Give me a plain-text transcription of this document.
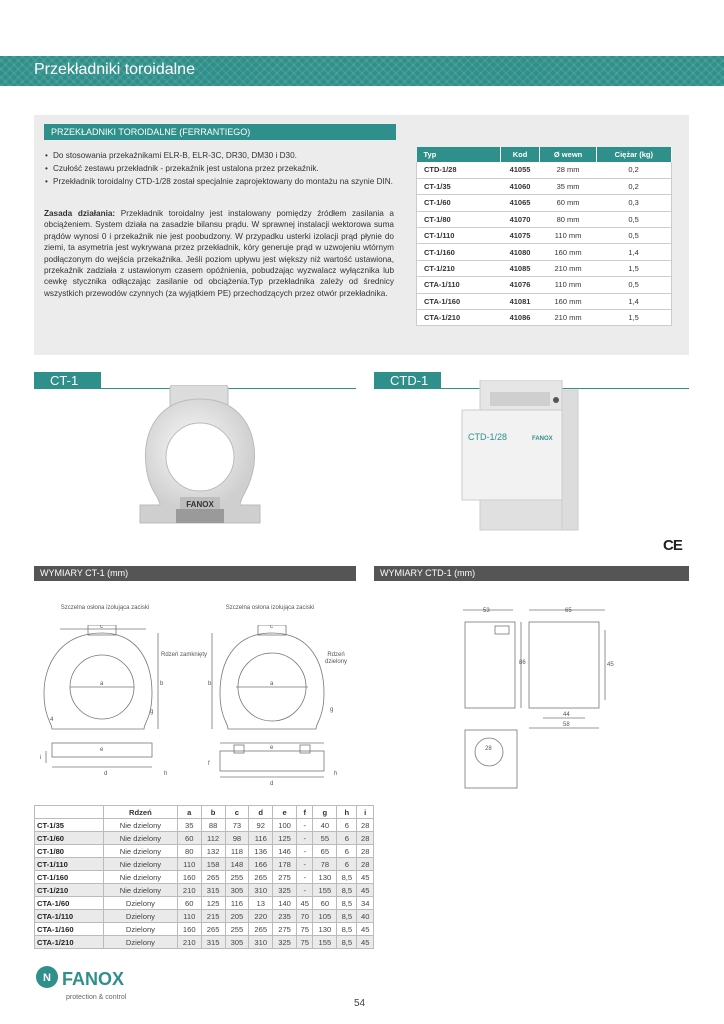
Przekładniki toroidalne
PRZEKŁADNIKI TOROIDALNE (FERRANTIEGO)
• Do stosowania przekaźnikami ELR-B, ELR-3C, DR30, DM30 i D30.
• Czułość zestawu przekładnik - przekaźnik jest ustalona przez przekaźnik.
• Przekładnik toroidalny CTD-1/28 został specjalnie zaprojektowany do montażu na szynie DIN.

Zasada działania: Przekładnik toroidalny jest instalowany pomiędzy źródłem zasilania a obciążeniem. System działa na zasadzie bilansu prądu. W sprawnej instalacji wektorowa suma prądów wynosi 0 i przekaźnik nie jest poobudzony. W przypadku usterki izolacji prąd płynie do ziemi, ta asymetria jest wykrywana przez przekładnik, kóry generuje prąd w uzwojeniu wtórnym podłączonym do wejścia przekaźnika. Jeśli poziom upływu jest większy niż wartość ustawiona, przekaźnik zadziała z ustawionym czasem opóźnienia, pobudzając wyzwalacz wyłącznika lub cewkę stycznika odłączając zasilanie od obciążenia.Typ przekładnika zależy od średnicy wszystkich przewodów czynnych (za wyjątkiem PE) przechodzących przez otwór przekładnika.

Typ	Kod	Ø wewn	Ciężar (kg)
CTD-1/28	41055	28 mm	0,2
CT-1/35	41060	35 mm	0,2
CT-1/60	41065	60 mm	0,3
CT-1/80	41070	80 mm	0,5
CT-1/110	41075	110 mm	0,5
CT-1/160	41080	160 mm	1,4
CT-1/210	41085	210 mm	1,5
CTA-1/110	41076	110 mm	0,5
CTA-1/160	41081	160 mm	1,4
CTA-1/210	41086	210 mm	1,5
CT-1	CTD-1
FANOX
CTD-1/28	FANOX
CE
WYMIARY CT-1 (mm)	WYMIARY CTD-1 (mm)
Szczelna osłona izolująca zaciski	Szczelna osłona izolująca zaciski
Rdzeń zamknięty	Rdzeń dzielony
a	b
c
d
e
g
h
i
4
a
b
c
d
e
f
g
h
53	65
86	45
44
58
28
	Rdzeń	a	b	c	d	e	f	g	h	i
CT-1/35	Nie dzielony	35	88	73	92	100	-	40	6	28
CT-1/60	Nie dzielony	60	112	98	116	125	-	55	6	28
CT-1/80	Nie dzielony	80	132	118	136	146	-	65	6	28
CT-1/110	Nie dzielony	110	158	148	166	178	-	78	6	28
CT-1/160	Nie dzielony	160	265	255	265	275	-	130	8,5	45
CT-1/210	Nie dzielony	210	315	305	310	325	-	155	8,5	45
CTA-1/60	Dzielony	60	125	116	13	140	45	60	8,5	34
CTA-1/110	Dzielony	110	215	205	220	235	70	105	8,5	40
CTA-1/160	Dzielony	160	265	255	265	275	75	130	8,5	45
CTA-1/210	Dzielony	210	315	305	310	325	75	155	8,5	45
N FANOX
protection & control
54
